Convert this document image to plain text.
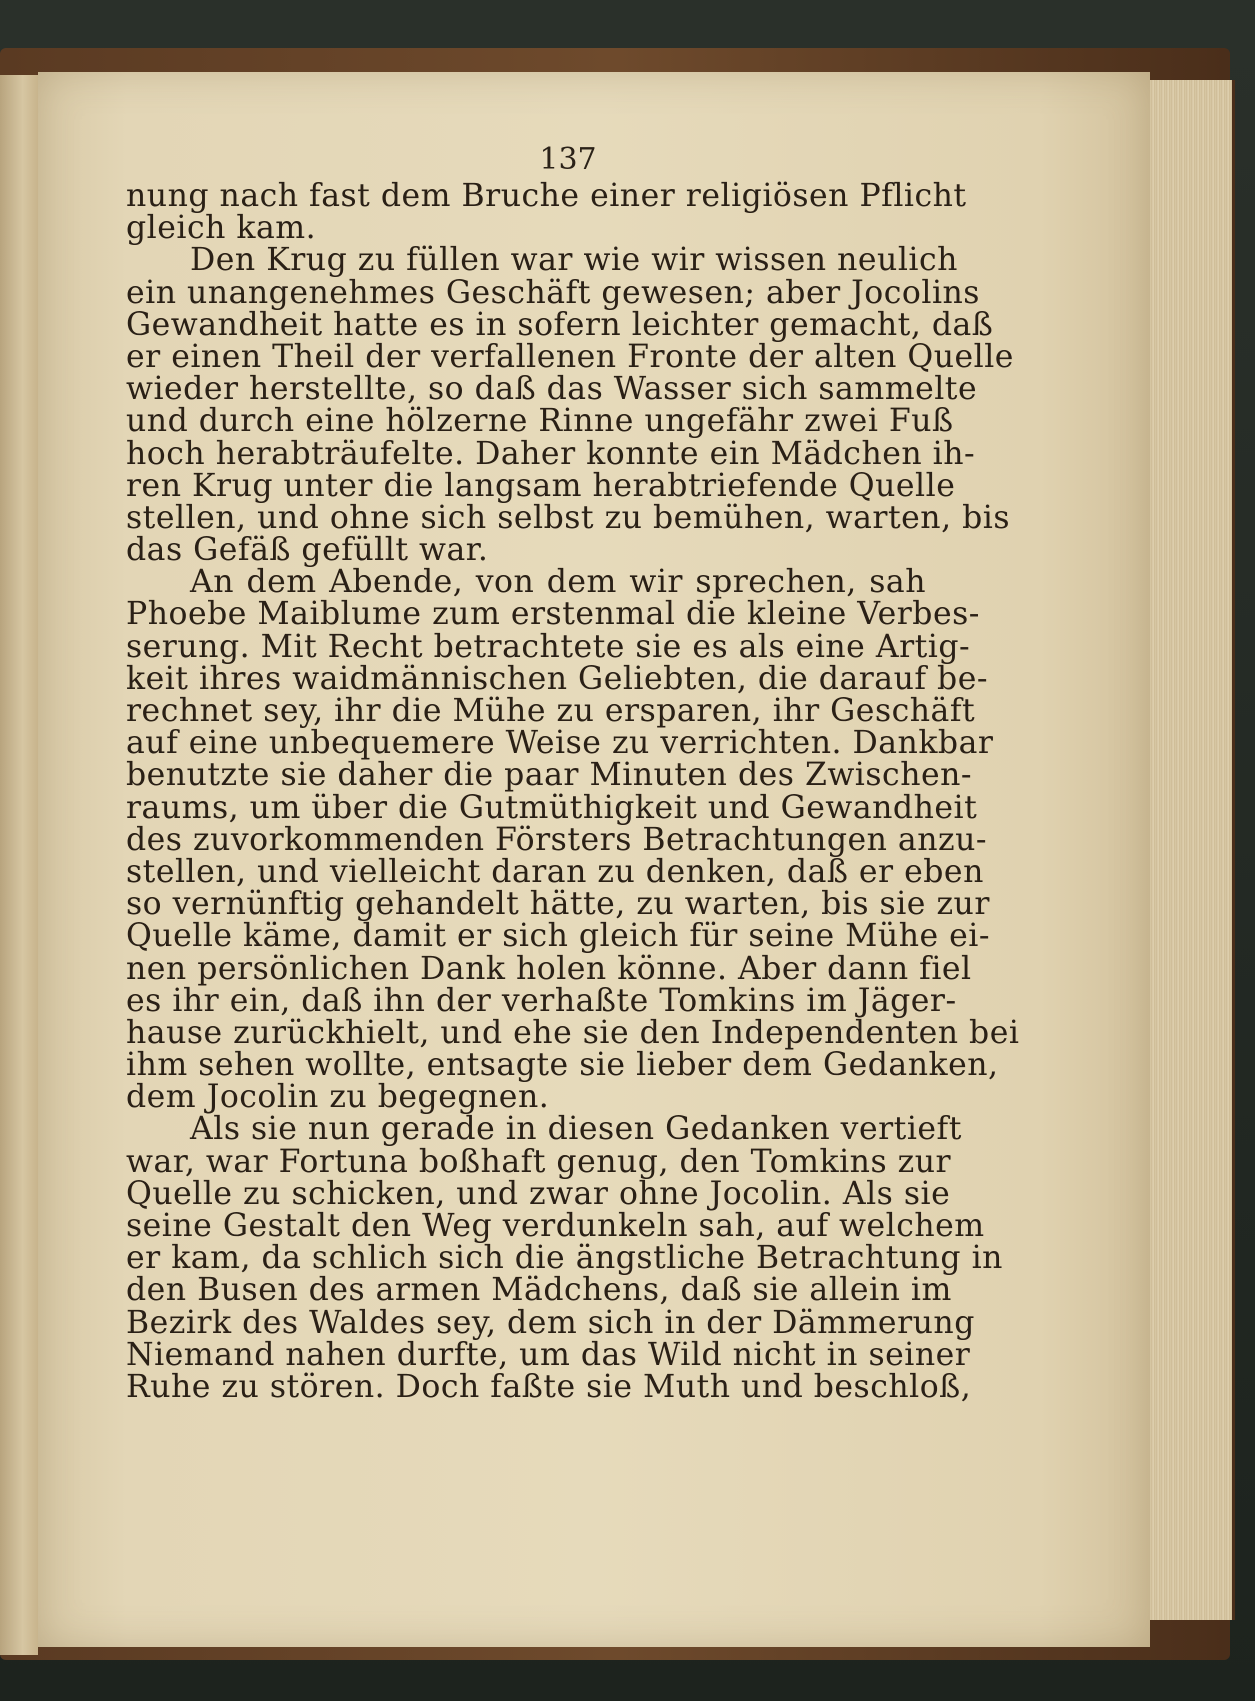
137
nung nach fast dem Bruche einer religiösen Pflicht
gleich kam.
Den Krug zu füllen war wie wir wissen neulich
ein unangenehmes Geschäft gewesen; aber Jocolins
Gewandheit hatte es in sofern leichter gemacht, daß
er einen Theil der verfallenen Fronte der alten Quelle
wieder herstellte, so daß das Wasser sich sammelte
und durch eine hölzerne Rinne ungefähr zwei Fuß
hoch herabträufelte. Daher konnte ein Mädchen ih-
ren Krug unter die langsam herabtriefende Quelle
stellen, und ohne sich selbst zu bemühen, warten, bis
das Gefäß gefüllt war.
An dem Abende, von dem wir sprechen, sah
Phoebe Maiblume zum erstenmal die kleine Verbes-
serung. Mit Recht betrachtete sie es als eine Artig-
keit ihres waidmännischen Geliebten, die darauf be-
rechnet sey, ihr die Mühe zu ersparen, ihr Geschäft
auf eine unbequemere Weise zu verrichten. Dankbar
benutzte sie daher die paar Minuten des Zwischen-
raums, um über die Gutmüthigkeit und Gewandheit
des zuvorkommenden Försters Betrachtungen anzu-
stellen, und vielleicht daran zu denken, daß er eben
so vernünftig gehandelt hätte, zu warten, bis sie zur
Quelle käme, damit er sich gleich für seine Mühe ei-
nen persönlichen Dank holen könne. Aber dann fiel
es ihr ein, daß ihn der verhaßte Tomkins im Jäger-
hause zurückhielt, und ehe sie den Independenten bei
ihm sehen wollte, entsagte sie lieber dem Gedanken,
dem Jocolin zu begegnen.
Als sie nun gerade in diesen Gedanken vertieft
war, war Fortuna boßhaft genug, den Tomkins zur
Quelle zu schicken, und zwar ohne Jocolin. Als sie
seine Gestalt den Weg verdunkeln sah, auf welchem
er kam, da schlich sich die ängstliche Betrachtung in
den Busen des armen Mädchens, daß sie allein im
Bezirk des Waldes sey, dem sich in der Dämmerung
Niemand nahen durfte, um das Wild nicht in seiner
Ruhe zu stören. Doch faßte sie Muth und beschloß,
